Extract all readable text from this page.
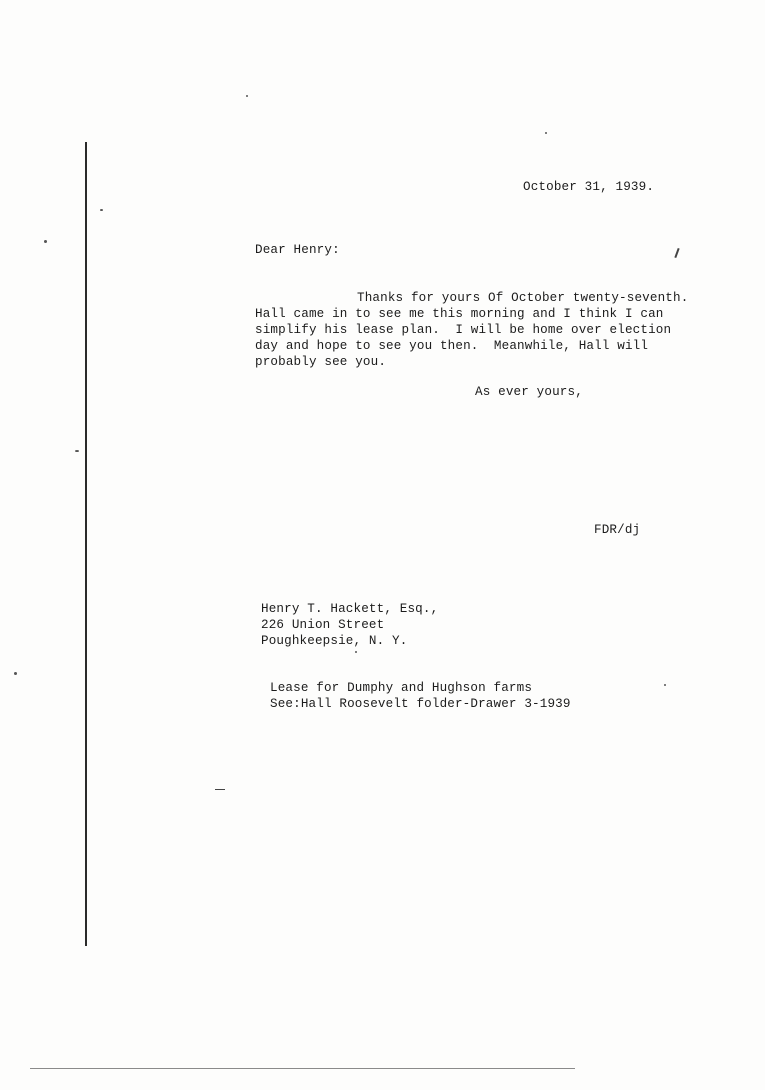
October 31, 1939.
Dear Henry:
Thanks for yours Of October twenty-seventh.
Hall came in to see me this morning and I think I can
simplify his lease plan.  I will be home over election
day and hope to see you then.  Meanwhile, Hall will
probably see you.
As ever yours,
FDR/dj
Henry T. Hackett, Esq.,
226 Union Street
Poughkeepsie, N. Y.
Lease for Dumphy and Hughson farms
See:Hall Roosevelt folder-Drawer 3-1939
